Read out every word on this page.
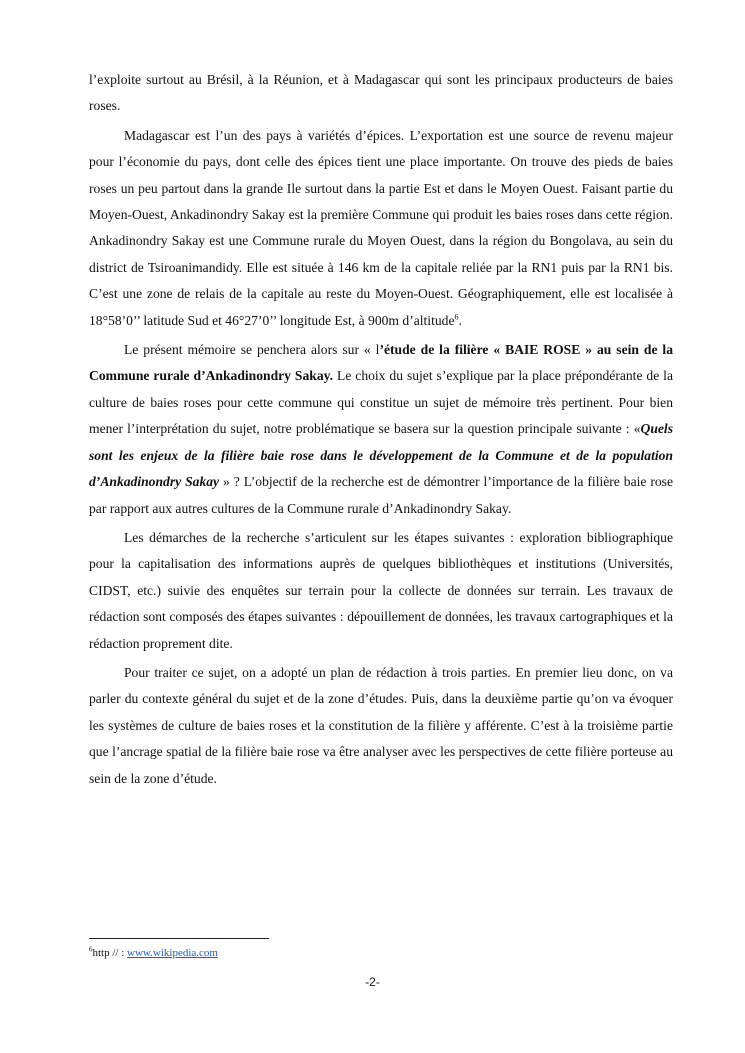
l’exploite surtout au Brésil, à la Réunion, et à Madagascar qui sont les principaux producteurs de baies roses.

Madagascar est l’un des pays à variétés d’épices. L’exportation est une source de revenu majeur pour l’économie du pays, dont celle des épices tient une place importante. On trouve des pieds de baies roses un peu partout dans la grande Ile surtout dans la partie Est et dans le Moyen Ouest. Faisant partie du Moyen-Ouest, Ankadinondry Sakay est la première Commune qui produit les baies roses dans cette région. Ankadinondry Sakay est une Commune rurale du Moyen Ouest, dans la région du Bongolava, au sein du district de Tsiroanimandidy. Elle est située à 146 km de la capitale reliée par la RN1 puis par la RN1 bis. C’est une zone de relais de la capitale au reste du Moyen-Ouest. Géographiquement, elle est localisée à 18°58’0’’ latitude Sud et 46°27’0’’ longitude Est, à 900m d’altitude$^6$.

Le présent mémoire se penchera alors sur « l’étude de la filière « BAIE ROSE » au sein de la Commune rurale d’Ankadinondry Sakay. Le choix du sujet s’explique par la place prépondérante de la culture de baies roses pour cette commune qui constitue un sujet de mémoire très pertinent. Pour bien mener l’interprétation du sujet, notre problématique se basera sur la question principale suivante : «Quels sont les enjeux de la filière baie rose dans le développement de la Commune et de la population d’Ankadinondry Sakay » ? L’objectif de la recherche est de démontrer l’importance de la filière baie rose par rapport aux autres cultures de la Commune rurale d’Ankadinondry Sakay.

Les démarches de la recherche s’articulent sur les étapes suivantes : exploration bibliographique pour la capitalisation des informations auprès de quelques bibliothèques et institutions (Universités, CIDST, etc.) suivie des enquêtes sur terrain pour la collecte de données sur terrain. Les travaux de rédaction sont composés des étapes suivantes : dépouillement de données, les travaux cartographiques et la rédaction proprement dite.

Pour traiter ce sujet, on a adopté un plan de rédaction à trois parties. En premier lieu donc, on va parler du contexte général du sujet et de la zone d’études. Puis, dans la deuxième partie qu’on va évoquer les systèmes de culture de baies roses et la constitution de la filière y afférente. C’est à la troisième partie que l’ancrage spatial de la filière baie rose va être analyser avec les perspectives de cette filière porteuse au sein de la zone d’étude.

$^6$http // : www.wikipedia.com
-2-
